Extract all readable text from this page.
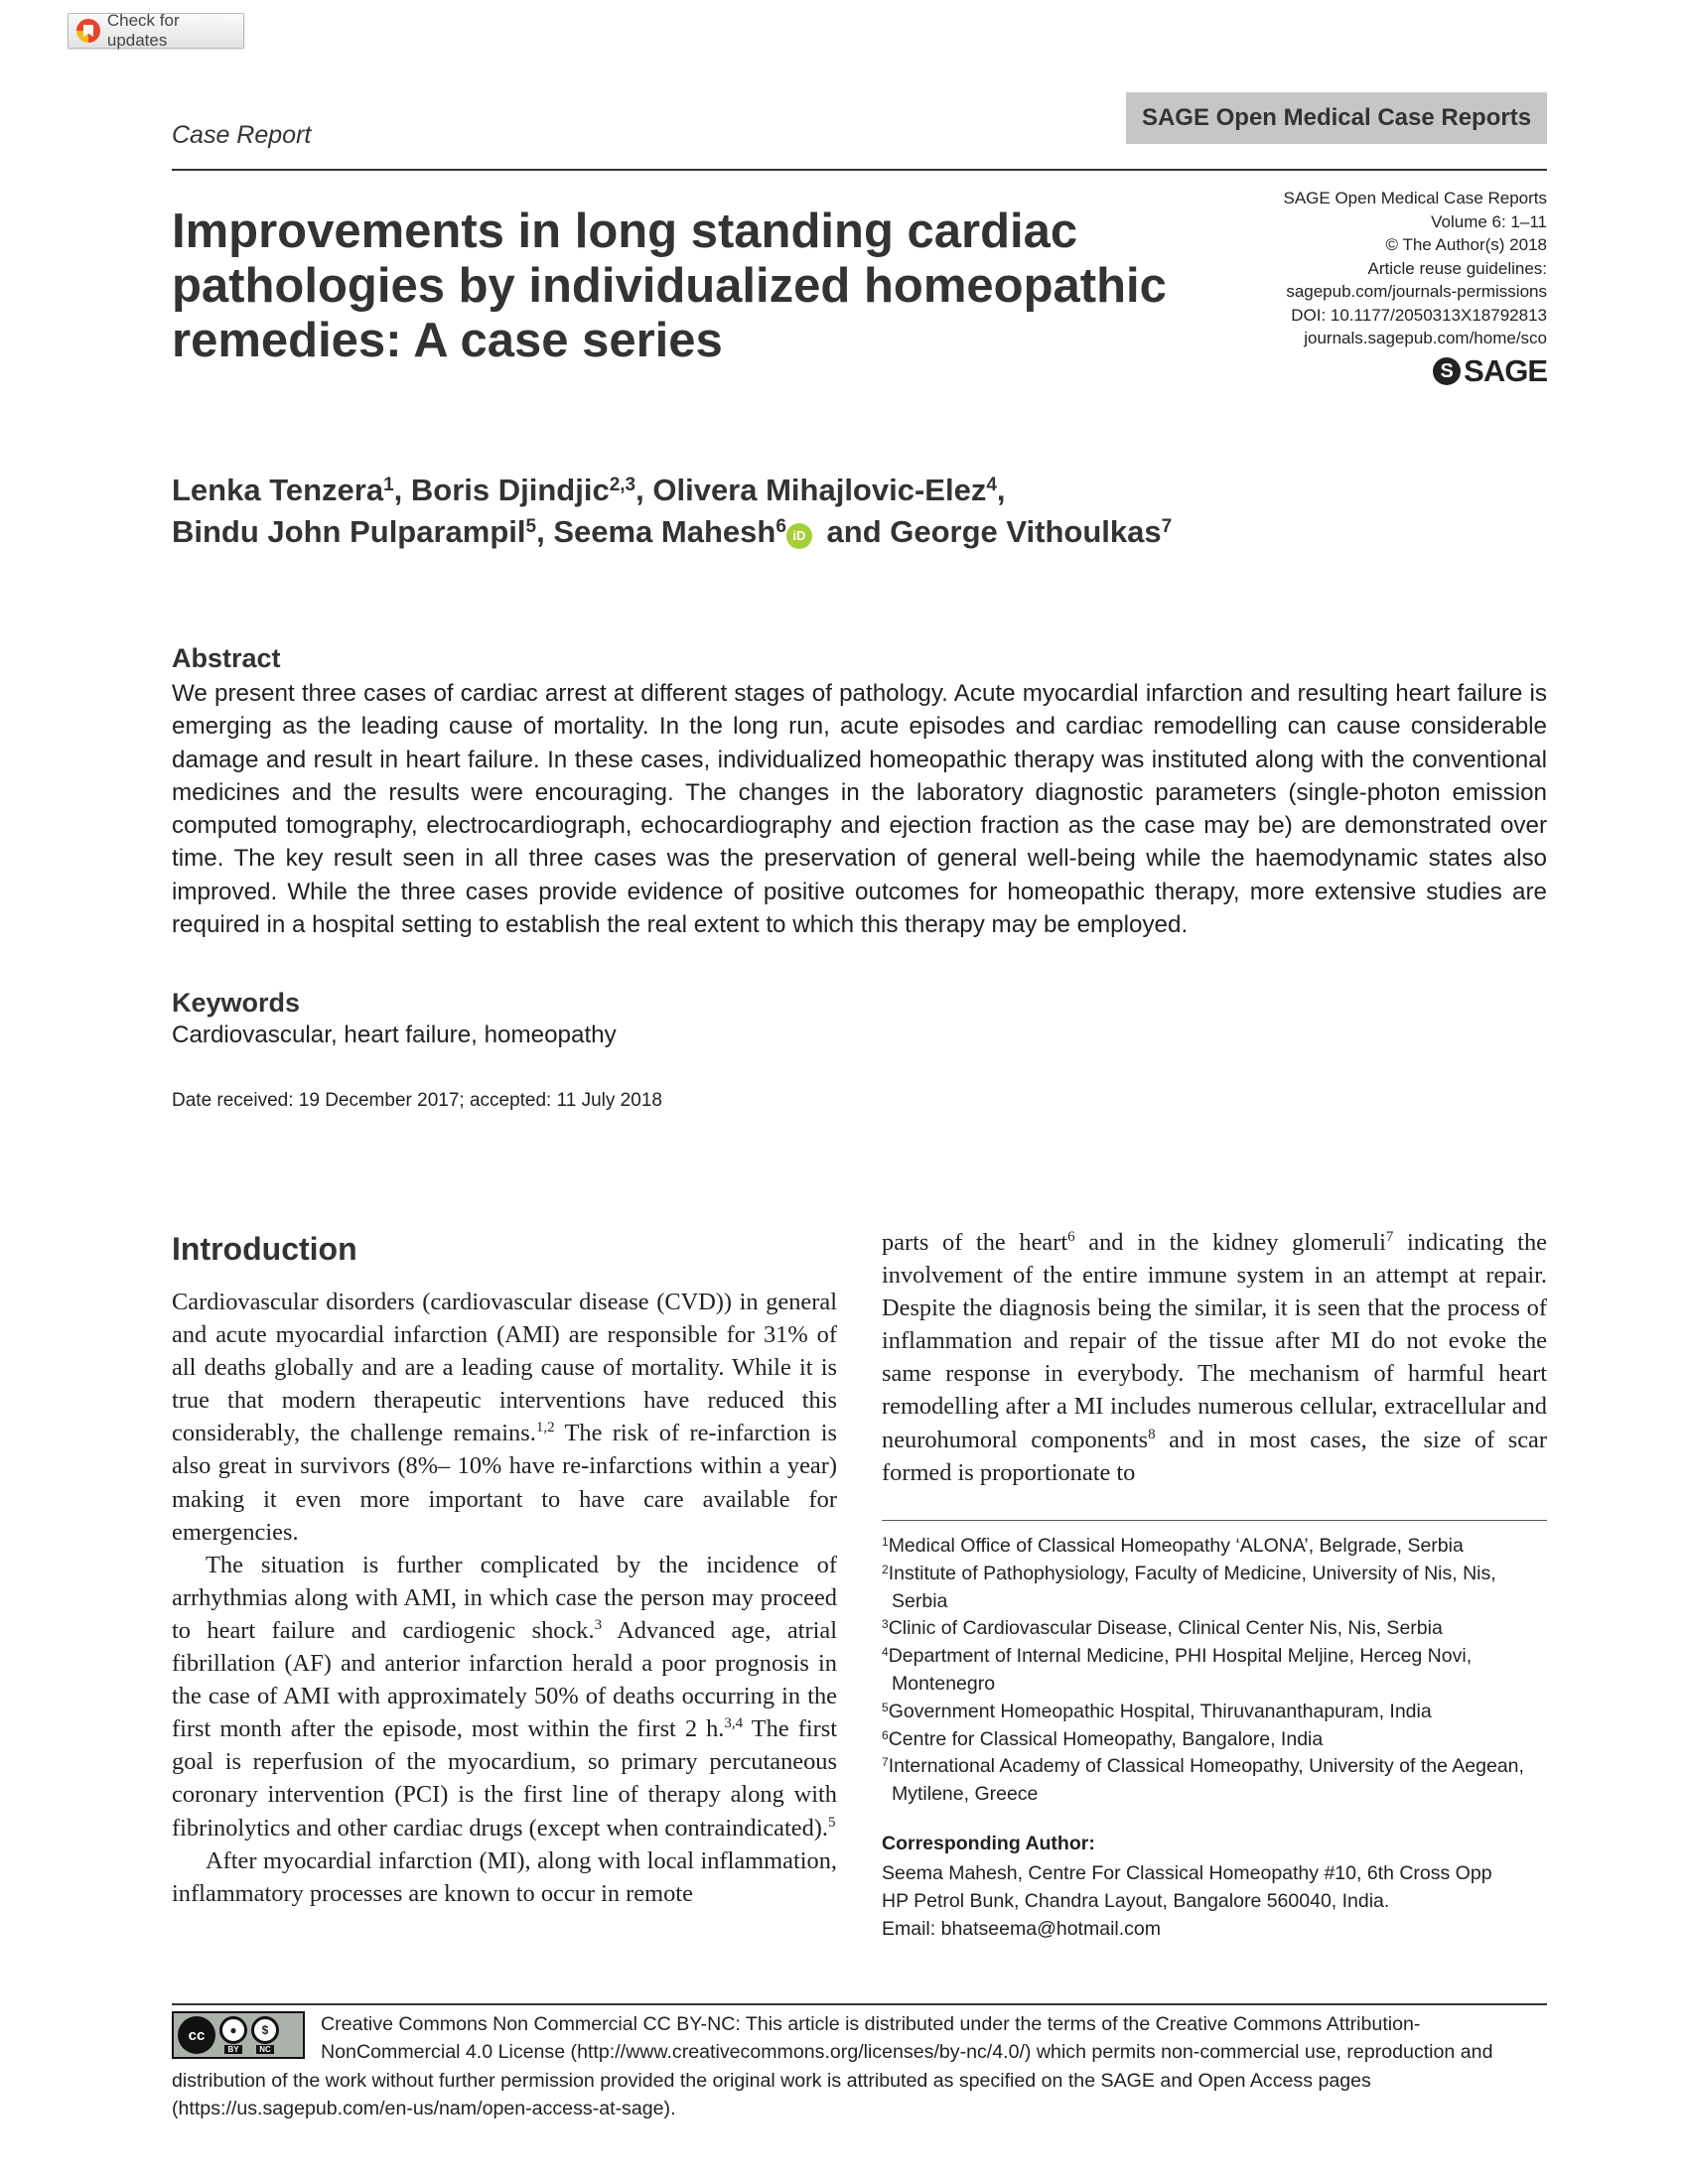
Check for updates
Case Report
SAGE Open Medical Case Reports
Improvements in long standing cardiac pathologies by individualized homeopathic remedies: A case series
SAGE Open Medical Case Reports
Volume 6: 1–11
© The Author(s) 2018
Article reuse guidelines:
sagepub.com/journals-permissions
DOI: 10.1177/2050313X18792813
journals.sagepub.com/home/sco
S SAGE
Lenka Tenzera$^1$, Boris Djindjic$^{2,3}$, Olivera Mihajlovic-Elez$^4$,
Bindu John Pulparampil$^5$, Seema Mahesh$^6$ iD and George Vithoulkas$^7$
Abstract

We present three cases of cardiac arrest at different stages of pathology. Acute myocardial infarction and resulting heart failure is emerging as the leading cause of mortality. In the long run, acute episodes and cardiac remodelling can cause considerable damage and result in heart failure. In these cases, individualized homeopathic therapy was instituted along with the conventional medicines and the results were encouraging. The changes in the laboratory diagnostic parameters (single-photon emission computed tomography, electrocardiograph, echocardiography and ejection fraction as the case may be) are demonstrated over time. The key result seen in all three cases was the preservation of general well-being while the haemodynamic states also improved. While the three cases provide evidence of positive outcomes for homeopathic therapy, more extensive studies are required in a hospital setting to establish the real extent to which this therapy may be employed.

Keywords
Cardiovascular, heart failure, homeopathy
Date received: 19 December 2017; accepted: 11 July 2018
Introduction

Cardiovascular disorders (cardiovascular disease (CVD)) in general and acute myocardial infarction (AMI) are responsible for 31% of all deaths globally and are a leading cause of mortality. While it is true that modern therapeutic interventions have reduced this considerably, the challenge remains.$^{1,2}$ The risk of re-infarction is also great in survivors (8%– 10% have re-infarctions within a year) making it even more important to have care available for emergencies.

The situation is further complicated by the incidence of arrhythmias along with AMI, in which case the person may proceed to heart failure and cardiogenic shock.$^3$ Advanced age, atrial fibrillation (AF) and anterior infarction herald a poor prognosis in the case of AMI with approximately 50% of deaths occurring in the first month after the episode, most within the first 2 h.$^{3,4}$ The first goal is reperfusion of the myocardium, so primary percutaneous coronary intervention (PCI) is the first line of therapy along with fibrinolytics and other cardiac drugs (except when contraindicated).$^5$

After myocardial infarction (MI), along with local inflammation, inflammatory processes are known to occur in remote

parts of the heart$^6$ and in the kidney glomeruli$^7$ indicating the involvement of the entire immune system in an attempt at repair. Despite the diagnosis being the similar, it is seen that the process of inflammation and repair of the tissue after MI do not evoke the same response in everybody. The mechanism of harmful heart remodelling after a MI includes numerous cellular, extracellular and neurohumoral components$^8$ and in most cases, the size of scar formed is proportionate to

$^1$Medical Office of Classical Homeopathy ‘ALONA’, Belgrade, Serbia
$^2$Institute of Pathophysiology, Faculty of Medicine, University of Nis, Nis, Serbia
$^3$Clinic of Cardiovascular Disease, Clinical Center Nis, Nis, Serbia
$^4$Department of Internal Medicine, PHI Hospital Meljine, Herceg Novi, Montenegro
$^5$Government Homeopathic Hospital, Thiruvananthapuram, India
$^6$Centre for Classical Homeopathy, Bangalore, India
$^7$International Academy of Classical Homeopathy, University of the Aegean, Mytilene, Greece
Corresponding Author:
Seema Mahesh, Centre For Classical Homeopathy #10, 6th Cross Opp
HP Petrol Bunk, Chandra Layout, Bangalore 560040, India.
Email: bhatseema@hotmail.com
cc	●
BY
$
NC
Creative Commons Non Commercial CC BY-NC: This article is distributed under the terms of the Creative Commons Attribution-NonCommercial 4.0 License (http://www.creativecommons.org/licenses/by-nc/4.0/) which permits non-commercial use, reproduction and distribution of the work without further permission provided the original work is attributed as specified on the SAGE and Open Access pages (https://us.sagepub.com/en-us/nam/open-access-at-sage).
